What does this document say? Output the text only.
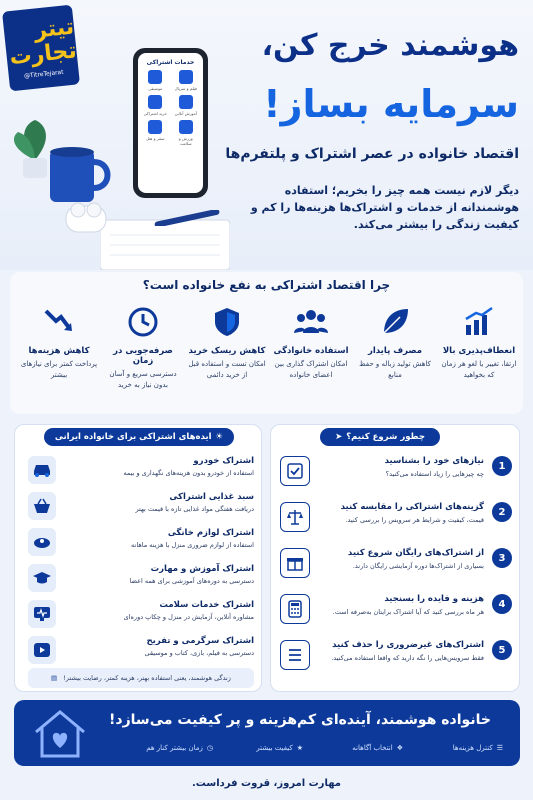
تیتر تجارت
@TitreTejarat
خدمات اشتراکی
فیلم و سریال
موسیقی
آموزش آنلاین
خرید اشتراکی
ورزش و سلامت
سفر و هتل
هوشمند خرج کن،
سرمایه بساز!
اقتصاد خانواده در عصر اشتراک و پلتفرم‌ها
دیگر لازم نیست همه چیز را بخریم؛ استفاده هوشمندانه از خدمات و اشتراک‌ها هزینه‌ها را کم و کیفیت زندگی را بیشتر می‌کند.
چرا اقتصاد اشتراکی به نفع خانواده است؟
انعطاف‌پذیری بالا
ارتقا، تغییر یا لغو هر زمان که بخواهید
مصرف پایدار
کاهش تولید زباله و حفظ منابع
استفاده خانوادگی
امکان اشتراک گذاری بین اعضای خانواده
کاهش ریسک خرید
امکان تست و استفاده قبل از خرید دائمی
صرفه‌جویی در زمان
دسترسی سریع و آسان بدون نیاز به خرید
کاهش هزینه‌ها
پرداخت کمتر برای نیازهای بیشتر
☀
ایده‌های اشتراکی برای خانواده ایرانی
اشتراک خودرو
استفاده از خودرو بدون هزینه‌های نگهداری و بیمه
سبد غذایی اشتراکی
دریافت هفتگی مواد غذایی تازه با قیمت بهتر
اشتراک لوازم خانگی
استفاده از لوازم ضروری منزل با هزینه ماهانه
اشتراک آموزش و مهارت
دسترسی به دوره‌های آموزشی برای همه اعضا
اشتراک خدمات سلامت
مشاوره آنلاین، آزمایش در منزل و چکاپ دوره‌ای
اشتراک سرگرمی و تفریح
دسترسی به فیلم، بازی، کتاب و موسیقی
زندگی هوشمند، یعنی استفاده بهتر، هزینه کمتر، رضایت بیشتر!
▤
چطور شروع کنیم؟
➤
1
نیازهای خود را بشناسید
چه چیزهایی را زیاد استفاده می‌کنید؟
2
گزینه‌های اشتراکی را مقایسه کنید
قیمت، کیفیت و شرایط هر سرویس را بررسی کنید.
3
از اشتراک‌های رایگان شروع کنید
بسیاری از اشتراک‌ها دوره آزمایشی رایگان دارند.
4
هزینه و فایده را بسنجید
هر ماه بررسی کنید که آیا اشتراک برایتان به‌صرفه است.
5
اشتراک‌های غیرضروری را حذف کنید
فقط سرویس‌هایی را نگه دارید که واقعا استفاده می‌کنید.
خانواده هوشمند، آینده‌ای کم‌هزینه و پر کیفیت می‌سازد!
☰
کنترل هزینه‌ها
❖
انتخاب آگاهانه
★
کیفیت بیشتر
◷
زمان بیشتر کنار هم
مهارت امروز، قروت فرداست.
